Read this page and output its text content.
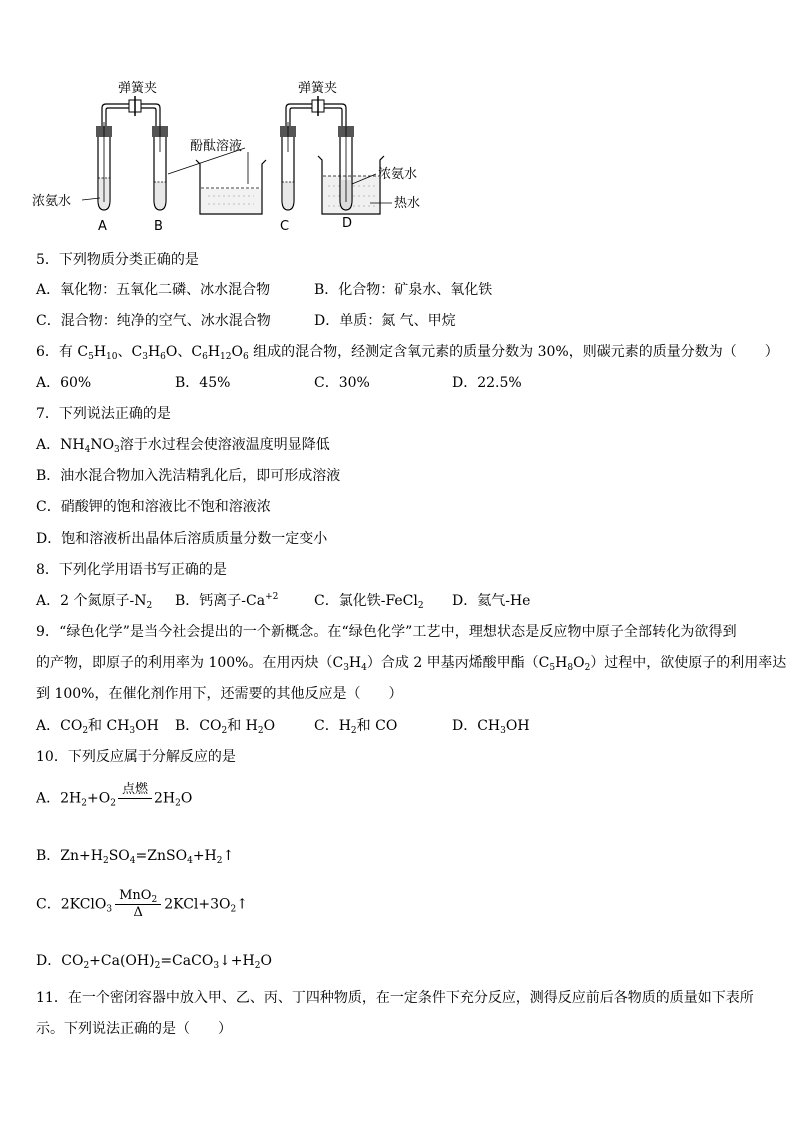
弹簧夹
A	B
浓氨水
酚酞溶液
弹簧夹
浓氨水
热水
C	D
5．下列物质分类正确的是
A．氧化物：五氧化二磷、冰水混合物	B．化合物：矿泉水、氧化铁
C．混合物：纯净的空气、冰水混合物	D．单质：氮 气、甲烷
6．有 $C_5H_{10}$、$C_3H_6O$、$C_6H_{12}O_6$ 组成的混合物，经测定含氧元素的质量分数为 30%，则碳元素的质量分数为（　　）
A．60%	B．45%	C．30%	D．22.5%
7．下列说法正确的是
A．$NH_4NO_3$溶于水过程会使溶液温度明显降低
B．油水混合物加入洗洁精乳化后，即可形成溶液
C．硝酸钾的饱和溶液比不饱和溶液浓
D．饱和溶液析出晶体后溶质质量分数一定变小
8．下列化学用语书写正确的是
A．2 个氮原子$-N_2$ B．钙离子$-Ca^{+2}$	C．氯化铁-FeCl$_2$ D．氦气-He
9．“绿色化学”是当今社会提出的一个新概念。在“绿色化学”工艺中，理想状态是反应物中原子全部转化为欲得到
的产物，即原子的利用率为 100%。在用丙炔$(C_3H_4)$合成 2 甲基丙烯酸甲酯$(C_5H_8O_2)$过程中，欲使原子的利用率达
到 100%，在催化剂作用下，还需要的其他反应是（　　）
A．$CO_2$和 $CH_3OH$ B．$CO_2$和 $H_2O$	C．$H_2$和 CO	D．$CH_3OH$
10．下列反应属于分解反应的是
A．$2H_2+O_2$
点燃
$2H_2O$
B．$Zn+H_2SO_4=ZnSO_4+H_2↑$
C．2KClO$_3$ $\frac{MnO_2}{\Delta}$ $2KCl+3O_2↑$
D．$CO_2+Ca(OH)_2=CaCO_3↓+H_2O$
11．在一个密闭容器中放入甲、乙、丙、丁四种物质，在一定条件下充分反应，测得反应前后各物质的质量如下表所
示。下列说法正确的是（　　）
